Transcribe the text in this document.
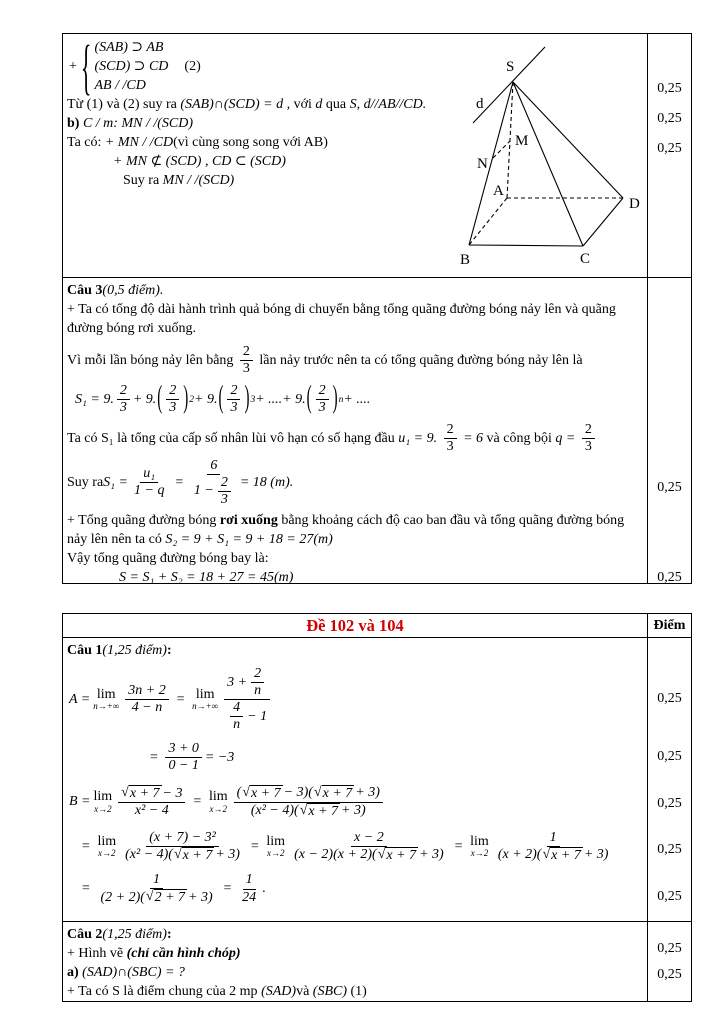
+ { (SAB) ⊃ AB
(SCD) ⊃ CD (2)
AB / /CD
Từ (1) và (2) suy ra (SAB)∩(SCD) = d , với d qua S, d//AB//CD.
b) C / m: MN / /(SCD)
Ta có: + MN / /CD(vì cùng song song với AB)
+ MN ⊄ (SCD) , CD ⊂ (SCD)
Suy ra MN / /(SCD)
S
d
M
N
A
B	C
D
0,25
0,25
0,25
Câu 3(0,5 điểm).
+ Ta có tổng độ dài hành trình quả bóng di chuyển bằng tổng quãng đường bóng nảy lên và quãng đường bóng rơi xuống.
Vì mỗi lần bóng nảy lên bằng $\frac{2}{3}$ lần nảy trước nên ta có tổng quãng đường bóng nảy lên là
S₁ = 9. $\frac{2}{3} + 9$. ( $\frac{2}{3}$ ) 2 + 9. ( $\frac{2}{3}$ ) 3 + ....+ 9. ( $\frac{2}{3}$ ) n + ....
Ta có S₁ là tổng của cấp số nhân lùi vô hạn có số hạng đầu u₁ = 9. $\frac{2}{3} = 6$ và công bội $q = \frac{2}{3}$
Suy ra $S_1 = \frac{\text{u₁}}{1 - q} = \frac{6}{1 - \frac{2}{3}} = 18$ (m).
+ Tổng quãng đường bóng rơi xuống bằng khoảng cách độ cao ban đầu và tổng quãng đường bóng nảy lên nên ta có S₂ = 9 + S₁ = 9 + 18 = 27(m)
Vậy tổng quãng đường bóng bay là:
S = S₁ + S₂ = 18 + 27 = 45(m)
0,25
0,25
Đề 102 và 104	Điểm
Câu 1(1,25 điểm):
A = lim
$n\to+\infty \frac{3n + 2}{4 - n} = \lim$
$n\to+\infty \frac{3 + \frac{2}{n}}{\frac{4}{n} - 1}$
= $\frac{3 + 0}{0 - 1} = -3$
B = lim
$x\to 2 \frac{√ x + 7 - 3}{\text{x² − 4}} = \lim$
$x\to 2 \frac{( √ x + 7 - 3)( √ x + 7 + 3)}{\text{(x² − 4)( √ x + 7 + 3)}}$
= lim
$x\to 2 \frac{\text{(x + 7) − 3²}}{\text{(x² − 4)( √ x + 7 + 3)}} = \lim$
$x\to 2 \frac{x - 2}{(x - 2)(x + 2)( √ x + 7 + 3)} = \lim$
$x\to 2 \frac{1}{(x + 2)( √ x + 7 + 3)}$
= $\frac{1}{(2 + 2)( √ 2 + 7 + 3)} = \frac{1}{24}$ .
0,25
0,25
0,25
0,25
0,25
Câu 2(1,25 điểm):
+ Hình vẽ (chỉ cần hình chóp)
a) (SAD)∩(SBC) = ?
+ Ta có S là điểm chung của 2 mp (SAD)và (SBC) (1)
0,25
0,25
